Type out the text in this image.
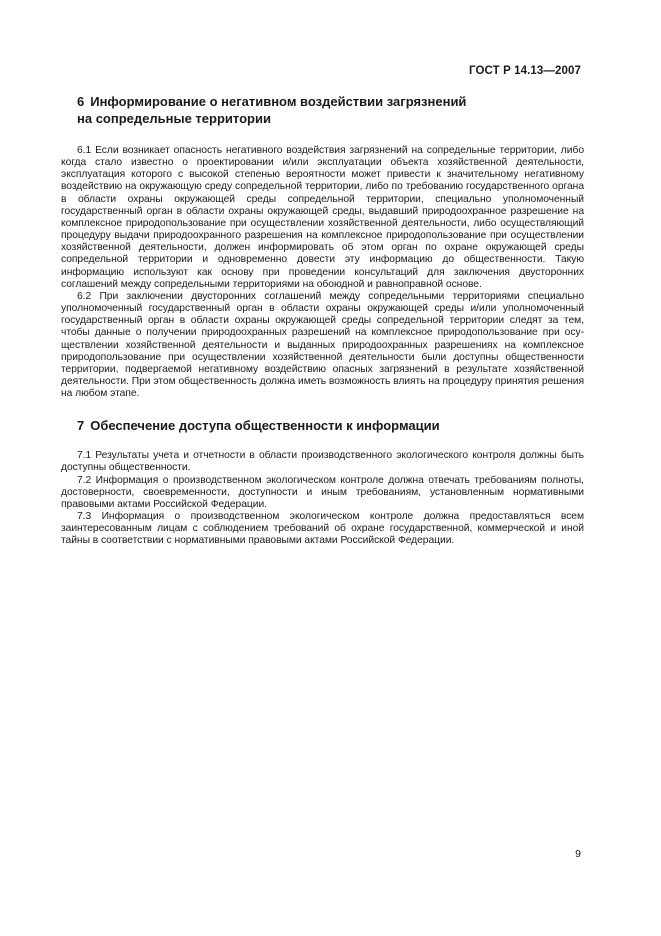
ГОСТ Р 14.13—2007
6 Информирование о негативном воздействии загрязнений
на сопредельные территории

6.1 Если возникает опасность негативного воздействия загрязнений на сопредельные территории, либо когда стало известно о проектировании и/или эксплуатации объекта хозяйственной деятельности, эксплуатация которого с высокой степенью вероятности может привести к значительному негативному воздействию на окружающую среду сопредельной территории, либо по требованию государственного органа в области охраны окружающей среды сопредельной территории, специально уполномоченный государственный орган в области охраны окружающей среды, выдавший природоохранное разрешение на комплексное природопользование при осуществлении хозяйственной деятельности, либо осуществляющий процедуру выдачи природоохранного разрешения на комплексное природопользование при осуществлении хозяйственной деятельности, должен информировать об этом орган по охране окружающей среды сопредельной территории и одновременно довести эту информацию до общественности. Такую информацию используют как основу при проведении консультаций для заключения двусторонних соглашений между сопредельными территориями на обоюдной и равноправной основе.

6.2 При заключении двусторонних соглашений между сопредельными территориями специально уполномоченный государственный орган в области охраны окружающей среды и/или уполномоченный государственный орган в области охраны окружающей среды сопредельной территории следят за тем, чтобы данные о получении природоохранных разрешений на комплексное природопользование при осуществлении хозяйственной деятельности и выданных природоохранных разрешениях на комплексное природопользование при осуществлении хозяйственной деятельности были доступны общественности территории, подвергаемой негативному воздействию опасных загрязнений в результате хозяйственной деятельности. При этом общественность должна иметь возможность влиять на процедуру принятия решения на любом этапе.

7 Обеспечение доступа общественности к информации

7.1 Результаты учета и отчетности в области производственного экологического контроля должны быть доступны общественности.

7.2 Информация о производственном экологическом контроле должна отвечать требованиям полноты, достоверности, своевременности, доступности и иным требованиям, установленным нормативными правовыми актами Российской Федерации.

7.3 Информация о производственном экологическом контроле должна предоставляться всем заинтересованным лицам с соблюдением требований об охране государственной, коммерческой и иной тайны в соответствии с нормативными правовыми актами Российской Федерации.

9
